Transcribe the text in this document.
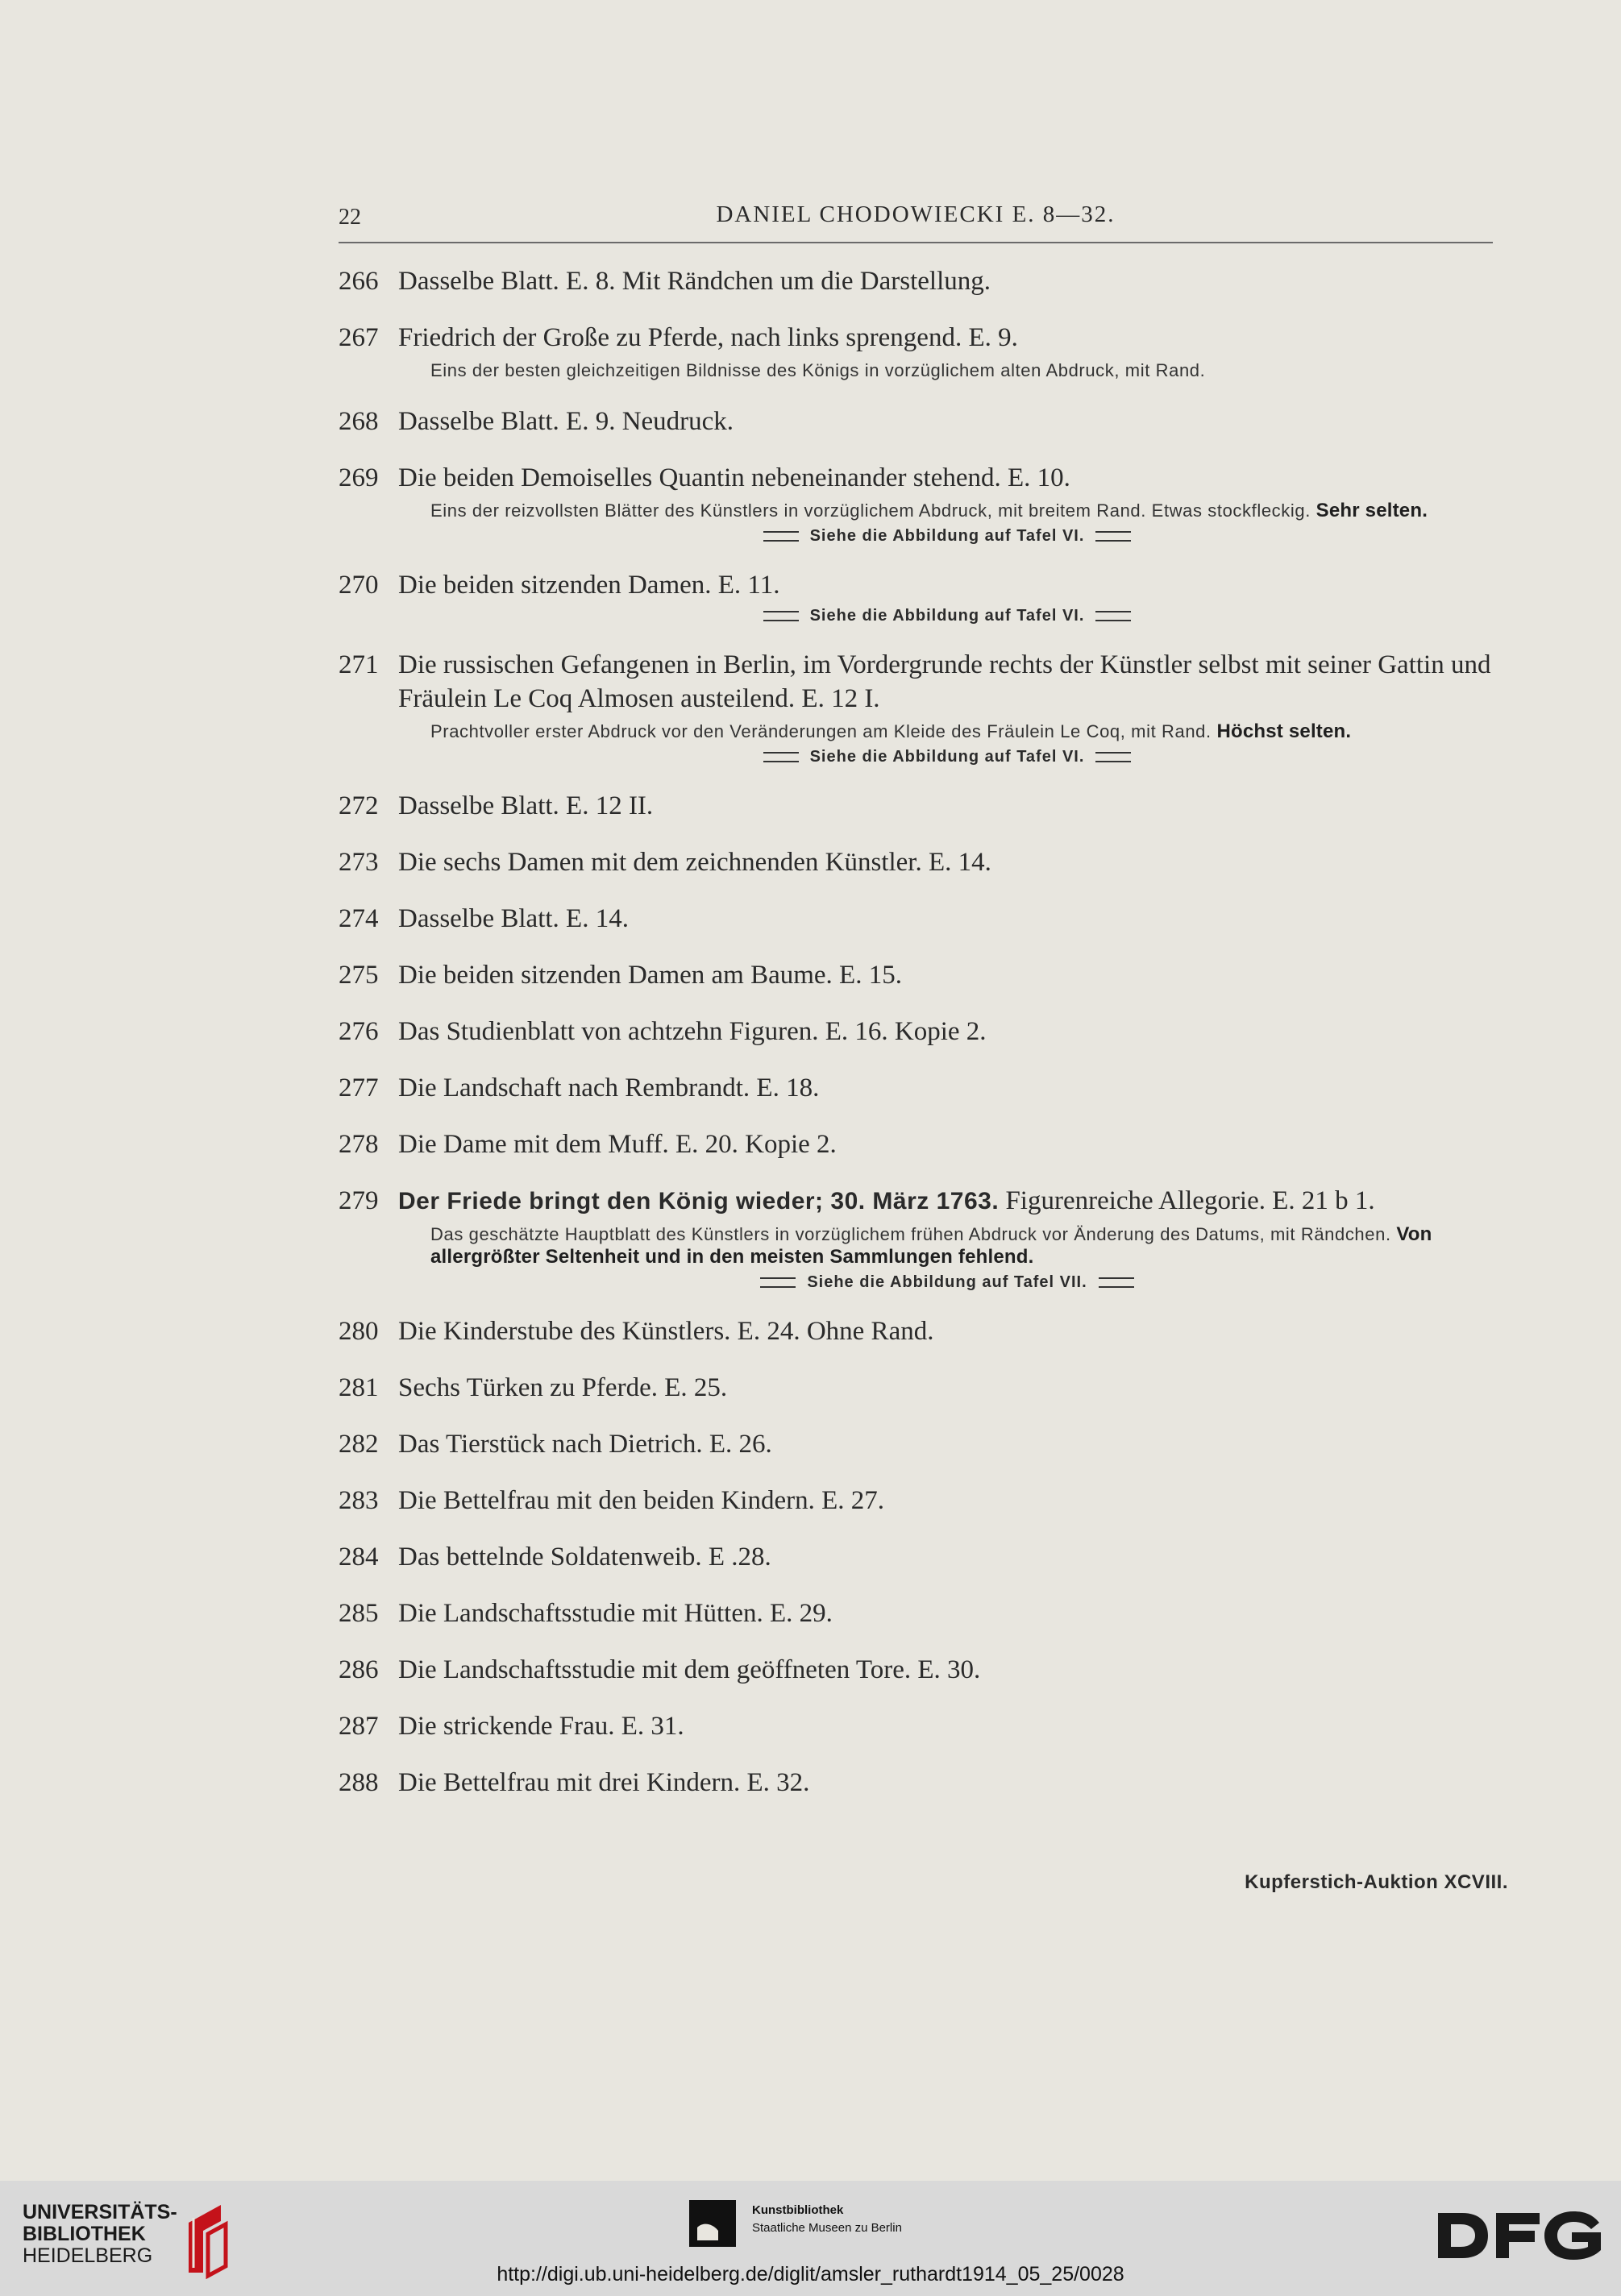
22	DANIEL CHODOWIECKI E. 8—32.
266 Dasselbe Blatt. E. 8. Mit Rändchen um die Darstellung.
267 Friedrich der Große zu Pferde, nach links sprengend. E. 9.
Eins der besten gleichzeitigen Bildnisse des Königs in vorzüglichem alten Abdruck, mit Rand.
268 Dasselbe Blatt. E. 9. Neudruck.
269 Die beiden Demoiselles Quantin nebeneinander stehend. E. 10.
Eins der reizvollsten Blätter des Künstlers in vorzüglichem Abdruck, mit breitem Rand. Etwas stockfleckig. Sehr selten.
Siehe die Abbildung auf Tafel VI.
270 Die beiden sitzenden Damen. E. 11.
Siehe die Abbildung auf Tafel VI.
271 Die russischen Gefangenen in Berlin, im Vordergrunde rechts der Künstler selbst mit seiner Gattin und Fräulein Le Coq Almosen austeilend. E. 12 I.
Prachtvoller erster Abdruck vor den Veränderungen am Kleide des Fräulein Le Coq, mit Rand. Höchst selten.
Siehe die Abbildung auf Tafel VI.
272 Dasselbe Blatt. E. 12 II.
273 Die sechs Damen mit dem zeichnenden Künstler. E. 14.
274 Dasselbe Blatt. E. 14.
275 Die beiden sitzenden Damen am Baume. E. 15.
276 Das Studienblatt von achtzehn Figuren. E. 16. Kopie 2.
277 Die Landschaft nach Rembrandt. E. 18.
278 Die Dame mit dem Muff. E. 20. Kopie 2.
279 Der Friede bringt den König wieder; 30. März 1763. Figurenreiche Allegorie. E. 21 b 1.
Das geschätzte Hauptblatt des Künstlers in vorzüglichem frühen Abdruck vor Änderung des Datums, mit Rändchen. Von allergrößter Seltenheit und in den meisten Sammlungen fehlend.
Siehe die Abbildung auf Tafel VII.
280 Die Kinderstube des Künstlers. E. 24. Ohne Rand.
281 Sechs Türken zu Pferde. E. 25.
282 Das Tierstück nach Dietrich. E. 26.
283 Die Bettelfrau mit den beiden Kindern. E. 27.
284 Das bettelnde Soldatenweib. E .28.
285 Die Landschaftsstudie mit Hütten. E. 29.
286 Die Landschaftsstudie mit dem geöffneten Tore. E. 30.
287 Die strickende Frau. E. 31.
288 Die Bettelfrau mit drei Kindern. E. 32.
Kupferstich-Auktion XCVIII.
UNIVERSITÄTS-
BIBLIOTHEK
HEIDELBERG
Kunstbibliothek
Staatliche Museen zu Berlin
http://digi.ub.uni-heidelberg.de/diglit/amsler_ruthardt1914_05_25/0028
